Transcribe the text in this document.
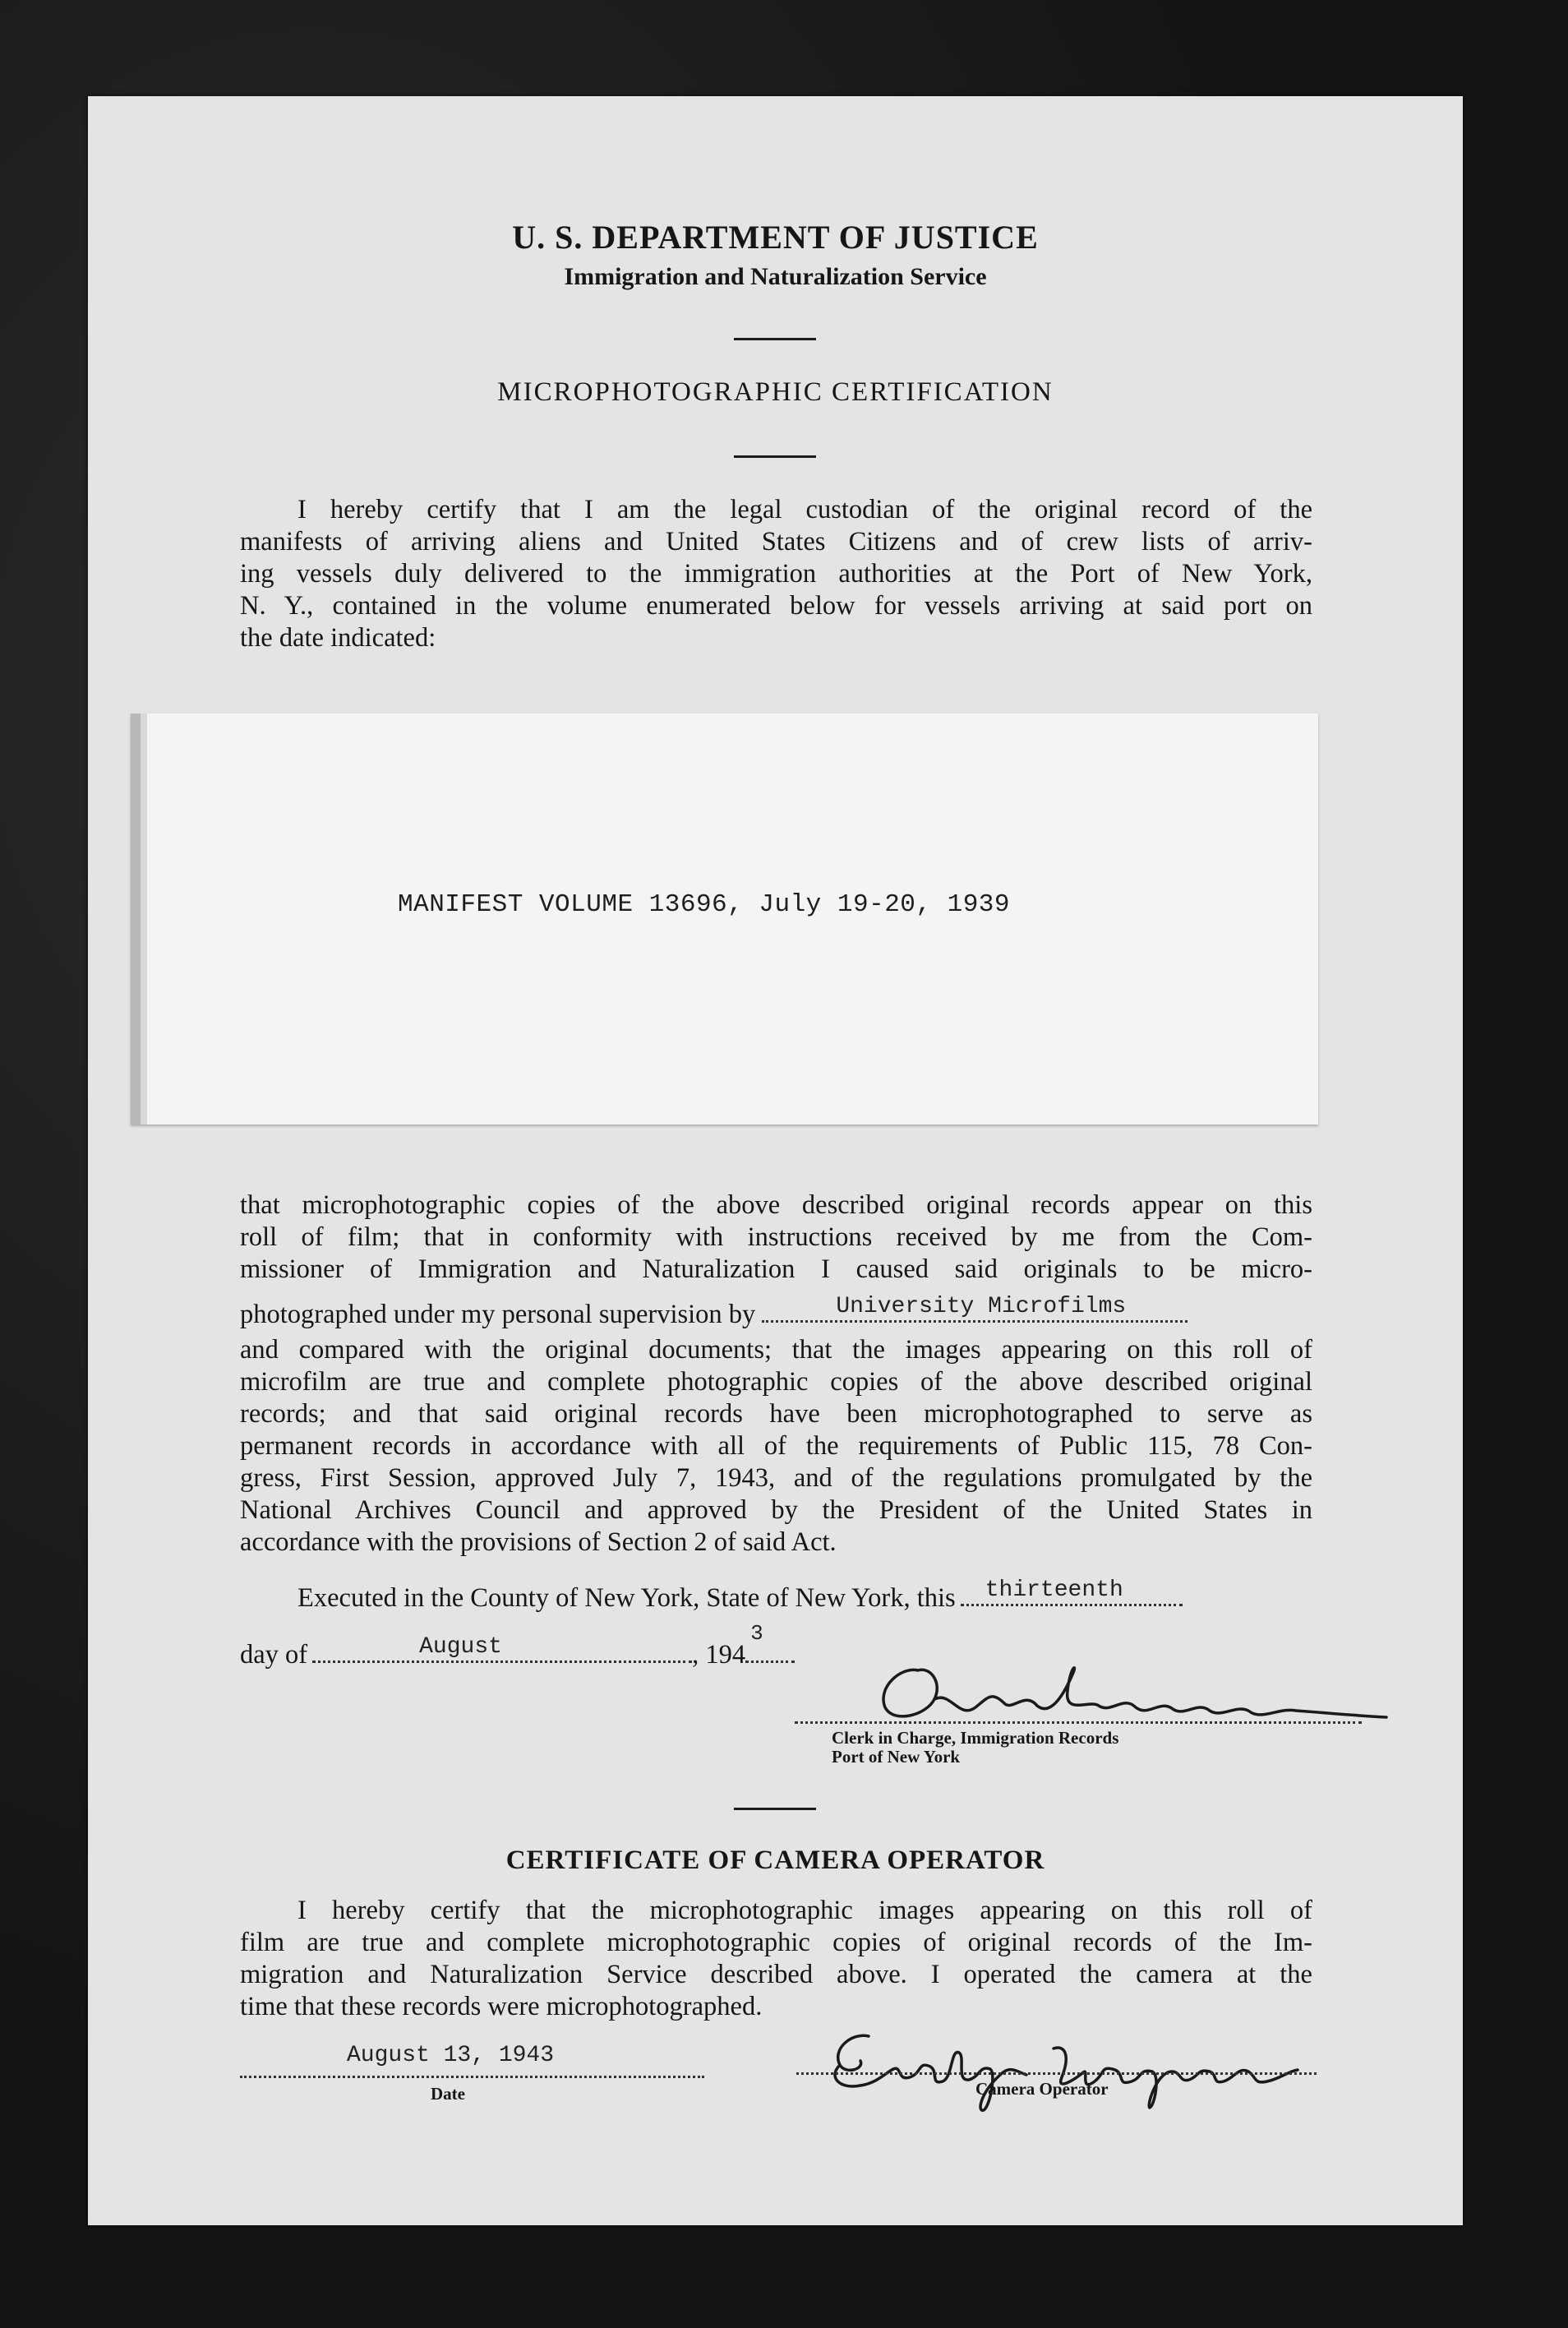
U. S. DEPARTMENT OF JUSTICE
Immigration and Naturalization Service
MICROPHOTOGRAPHIC CERTIFICATION
I hereby certify that I am the legal custodian of the original record of the
manifests of arriving aliens and United States Citizens and of crew lists of arriv-
ing vessels duly delivered to the immigration authorities at the Port of New York,
N. Y., contained in the volume enumerated below for vessels arriving at said port on
the date indicated:
MANIFEST VOLUME 13696, July 19-20, 1939
that microphotographic copies of the above described original records appear on this
roll of film; that in conformity with instructions received by me from the Com-
missioner of Immigration and Naturalization I caused said originals to be micro-
photographed under my personal supervision by	University Microfilms
and compared with the original documents; that the images appearing on this roll of
microfilm are true and complete photographic copies of the above described original
records; and that said original records have been microphotographed to serve as
permanent records in accordance with all of the requirements of Public 115, 78 Con-
gress, First Session, approved July 7, 1943, and of the regulations promulgated by the
National Archives Council and approved by the President of the United States in
accordance with the provisions of Section 2 of said Act.
Executed in the County of New York, State of New York, this thirteenth
day of	August	, 194
3
Clerk in Charge, Immigration Records
Port of New York
CERTIFICATE OF CAMERA OPERATOR
I hereby certify that the microphotographic images appearing on this roll of
film are true and complete microphotographic copies of original records of the Im-
migration and Naturalization Service described above. I operated the camera at the
time that these records were microphotographed.
August 13, 1943
Date	Camera Operator
